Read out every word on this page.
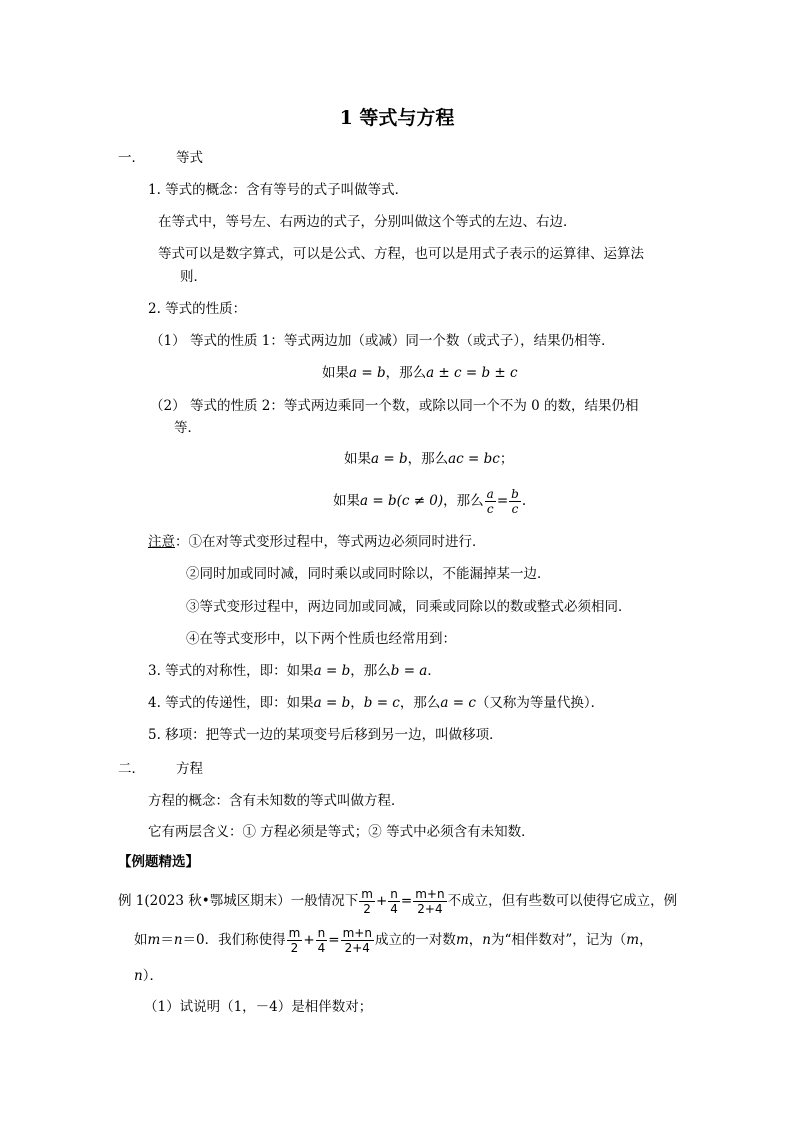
1 等式与方程
一． 等式
1. 等式的概念：含有等号的式子叫做等式．
在等式中，等号左、右两边的式子，分别叫做这个等式的左边、右边．
等式可以是数字算式，可以是公式、方程，也可以是用式子表示的运算律、运算法
则．
2. 等式的性质：
（1） 等式的性质 1：等式两边加（或减）同一个数（或式子），结果仍相等．
如果a = b，那么a ± c = b ± c
（2） 等式的性质 2：等式两边乘同一个数，或除以同一个不为 0 的数，结果仍相
等．
如果a = b，那么ac = bc；
如果a = b(c ≠ 0)，那么 $\frac{a}{c} = \frac{b}{c}$ .
注意：①在对等式变形过程中，等式两边必须同时进行．
②同时加或同时减，同时乘以或同时除以，不能漏掉某一边．
③等式变形过程中，两边同加或同减，同乘或同除以的数或整式必须相同．
④在等式变形中，以下两个性质也经常用到：
3. 等式的对称性，即：如果a = b，那么b = a．
4. 等式的传递性，即：如果a = b，b = c，那么a = c（又称为等量代换）．
5. 移项：把等式一边的某项变号后移到另一边，叫做移项．
二． 方程
方程的概念：含有未知数的等式叫做方程．
它有两层含义：① 方程必须是等式；② 等式中必须含有未知数．
【例题精选】
例 1(2023 秋•鄂城区期末）一般情况下 $\frac{m}{2} + \frac{n}{4} = \frac{m+n}{2+4}$ 不成立，但有些数可以使得它成立，例
如m＝n＝0．我们称使得 $\frac{m}{2} + \frac{n}{4} = \frac{m+n}{2+4}$ 成立的一对数m，n为“相伴数对”，记为（m，
n）．
（1）试说明（1，－4）是相伴数对；
